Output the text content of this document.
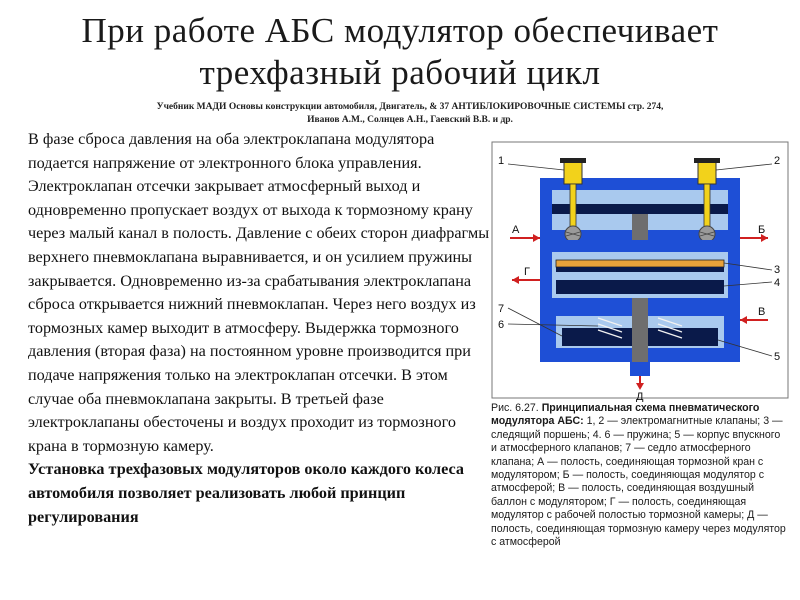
При работе АБС модулятор обеспечивает
трехфазный рабочий цикл
Учебник МАДИ Основы конструкции автомобиля, Двигатель, & 37 АНТИБЛОКИРОВОЧНЫЕ СИСТЕМЫ стр. 274,
Иванов А.М., Солнцев А.Н., Гаевский В.В. и др.

В фазе сброса давления на оба электроклапана модулятора подается напряжение от электронного блока управления. Электроклапан отсечки закрывает атмосферный выход и одновременно пропускает воздух от выхода к тормозному крану через малый канал в полость. Давление с обеих сторон диафрагмы верхнего пневмоклапана выравнивается, и он усилием пружины закрывается. Одновременно из-за срабатывания электроклапана сброса открывается нижний пневмоклапан. Через него воздух из тормозных камер выходит в атмосферу. Выдержка тормозного давления (вторая фаза) на постоянном уровне производится при подаче напряжения только на электроклапан отсечки. В этом случае оба пневмоклапана закрыты. В третьей фазе электроклапаны обесточены и воздух проходит из тормозного крана в тормозную камеру.
Установка трехфазовых модуляторов около каждого колеса автомобиля позволяет реализовать любой принцип регулирования

1	2
3
4
5
6
7
А	Б
В
Г
Д

Рис. 6.27. Принципиальная схема пневматического модулятора АБС: 1, 2 — электромагнитные клапаны; 3 — следящий поршень; 4. 6 — пружина; 5 — корпус впускного и атмосферного клапанов; 7 — седло атмосферного клапана; А — полость, соединяющая тормозной кран с модулятором; Б — полость, соединяющая модулятор с атмосферой; В — полость, соединяющая воздушный баллон с модулятором; Г — полость, соединяющая модулятор с рабочей полостью тормозной камеры; Д — полость, соединяющая тормозную камеру через модулятор с атмосферой
